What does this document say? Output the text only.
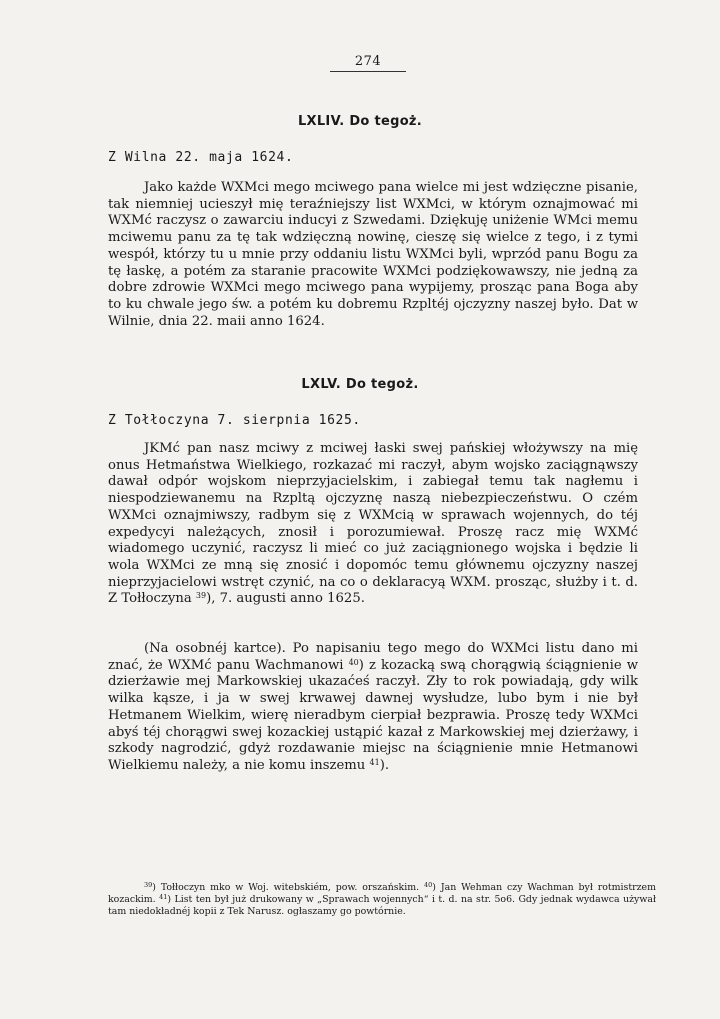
274
LXLIV. Do tegoż.
Z Wilna 22. maja 1624.

Jako każde WXMci mego mciwego pana wielce mi jest wdzięczne pisanie, tak niemniej ucieszył mię teraźniejszy list WXMci, w którym oznajmować mi WXMć raczysz o zawarciu inducyi z Szwedami. Dziękuję uniżenie WMci memu mciwemu panu za tę tak wdzięczną nowinę, cieszę się wielce z tego, i z tymi wespół, którzy tu u mnie przy oddaniu listu WXMci byli, wprzód panu Bogu za tę łaskę, a potém za staranie pracowite WXMci podziękowawszy, nie jedną za dobre zdrowie WXMci mego mciwego pana wypijemy, prosząc pana Boga aby to ku chwale jego św. a potém ku dobremu Rzpltéj ojczyzny naszej było. Dat w Wilnie, dnia 22. maii anno 1624.

LXLV. Do tegoż.
Z Tołłoczyna 7. sierpnia 1625.

JKMć pan nasz mciwy z mciwej łaski swej pańskiej włożywszy na mię onus Hetmaństwa Wielkiego, rozkazać mi raczył, abym wojsko zaciągnąwszy dawał odpór wojskom nieprzyjacielskim, i zabiegał temu tak nagłemu i niespodziewanemu na Rzpltą ojczyznę naszą niebezpieczeństwu. O czém WXMci oznajmiwszy, radbym się z WXMcią w sprawach wojennych, do téj expedycyi należących, znosił i porozumiewał. Proszę racz mię WXMć wiadomego uczynić, raczysz li mieć co już zaciągnionego wojska i będzie li wola WXMci ze mną się znosić i dopomóc temu głównemu ojczyzny naszej nieprzyjacielowi wstręt czynić, na co o deklaracyą WXM. prosząc, służby i t. d. Z Tołłoczyna $^{39}$), 7. augusti anno 1625.

(Na osobnéj kartce). Po napisaniu tego mego do WXMci listu dano mi znać, że WXMć panu Wachmanowi $^{40}$) z kozacką swą chorągwią ściągnienie w dzierżawie mej Markowskiej ukazaćeś raczył. Zły to rok powiadają, gdy wilk wilka kąsze, i ja w swej krwawej dawnej wysłudze, lubo bym i nie był Hetmanem Wielkim, wierę nieradbym cierpiał bezprawia. Proszę tedy WXMci abyś téj chorągwi swej kozackiej ustąpić kazał z Markowskiej mej dzierżawy, i szkody nagrodzić, gdyż rozdawanie miejsc na ściągnienie mnie Hetmanowi Wielkiemu należy, a nie komu inszemu $^{41}$).

$^{39}$) Tołłoczyn mko w Woj. witebskiém, pow. orszańskim. $^{40}$) Jan Wehman czy Wachman był rotmistrzem kozackim. $^{41}$) List ten był już drukowany w „Sprawach wojennych“ i t. d. na str. 5o6. Gdy jednak wydawca używał tam niedokładnéj kopii z Tek Narusz. ogłaszamy go powtórnie.
